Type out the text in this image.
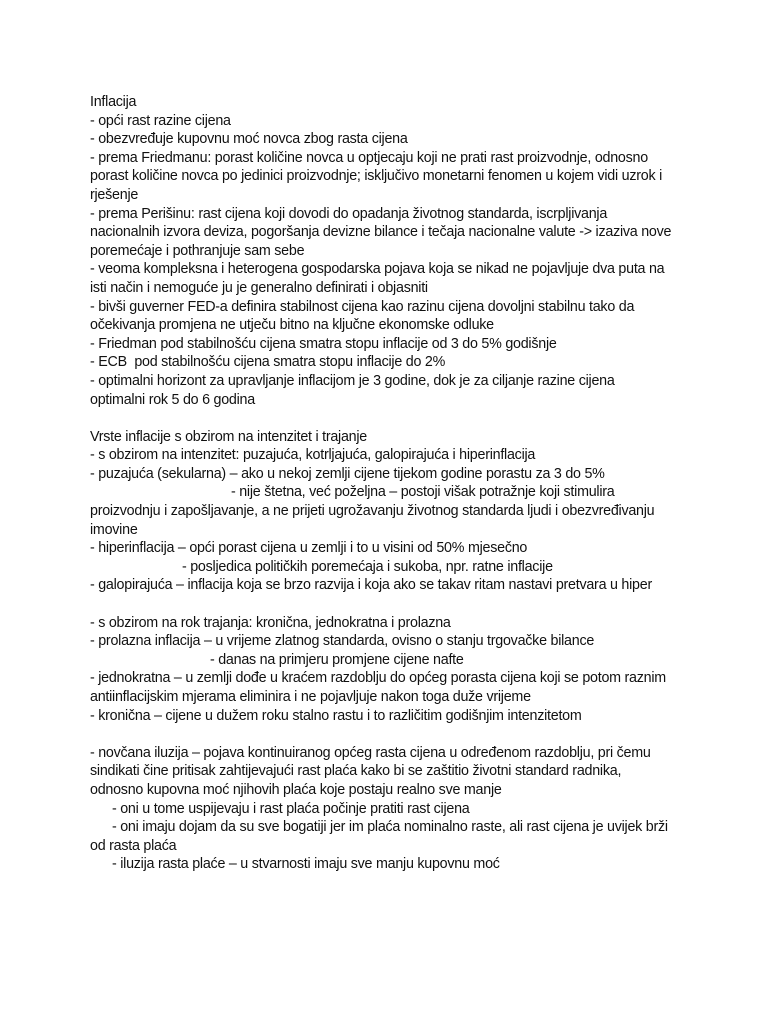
Inflacija
- opći rast razine cijena
- obezvređuje kupovnu moć novca zbog rasta cijena
- prema Friedmanu: porast količine novca u optjecaju koji ne prati rast proizvodnje, odnosno
porast količine novca po jedinici proizvodnje; isključivo monetarni fenomen u kojem vidi uzrok i
rješenje
- prema Perišinu: rast cijena koji dovodi do opadanja životnog standarda, iscrpljivanja
nacionalnih izvora deviza, pogoršanja devizne bilance i tečaja nacionalne valute -> izaziva nove
poremećaje i pothranjuje sam sebe
- veoma kompleksna i heterogena gospodarska pojava koja se nikad ne pojavljuje dva puta na
isti način i nemoguće ju je generalno definirati i objasniti
- bivši guverner FED-a definira stabilnost cijena kao razinu cijena dovoljni stabilnu tako da
očekivanja promjena ne utječu bitno na ključne ekonomske odluke
- Friedman pod stabilnošću cijena smatra stopu inflacije od 3 do 5% godišnje
- ECB  pod stabilnošću cijena smatra stopu inflacije do 2%
- optimalni horizont za upravljanje inflacijom je 3 godine, dok je za ciljanje razine cijena
optimalni rok 5 do 6 godina
Vrste inflacije s obzirom na intenzitet i trajanje
- s obzirom na intenzitet: puzajuća, kotrljajuća, galopirajuća i hiperinflacija
- puzajuća (sekularna) – ako u nekoj zemlji cijene tijekom godine porastu za 3 do 5%
- nije štetna, već poželjna – postoji višak potražnje koji stimulira
proizvodnju i zapošljavanje, a ne prijeti ugrožavanju životnog standarda ljudi i obezvređivanju
imovine
- hiperinflacija – opći porast cijena u zemlji i to u visini od 50% mjesečno
- posljedica političkih poremećaja i sukoba, npr. ratne inflacije
- galopirajuća – inflacija koja se brzo razvija i koja ako se takav ritam nastavi pretvara u hiper
- s obzirom na rok trajanja: kronična, jednokratna i prolazna
- prolazna inflacija – u vrijeme zlatnog standarda, ovisno o stanju trgovačke bilance
- danas na primjeru promjene cijene nafte
- jednokratna – u zemlji dođe u kraćem razdoblju do općeg porasta cijena koji se potom raznim
antiinflacijskim mjerama eliminira i ne pojavljuje nakon toga duže vrijeme
- kronična – cijene u dužem roku stalno rastu i to različitim godišnjim intenzitetom
- novčana iluzija – pojava kontinuiranog općeg rasta cijena u određenom razdoblju, pri čemu
sindikati čine pritisak zahtijevajući rast plaća kako bi se zaštitio životni standard radnika,
odnosno kupovna moć njihovih plaća koje postaju realno sve manje
- oni u tome uspijevaju i rast plaća počinje pratiti rast cijena
- oni imaju dojam da su sve bogatiji jer im plaća nominalno raste, ali rast cijena je uvijek brži
od rasta plaća
- iluzija rasta plaće – u stvarnosti imaju sve manju kupovnu moć
